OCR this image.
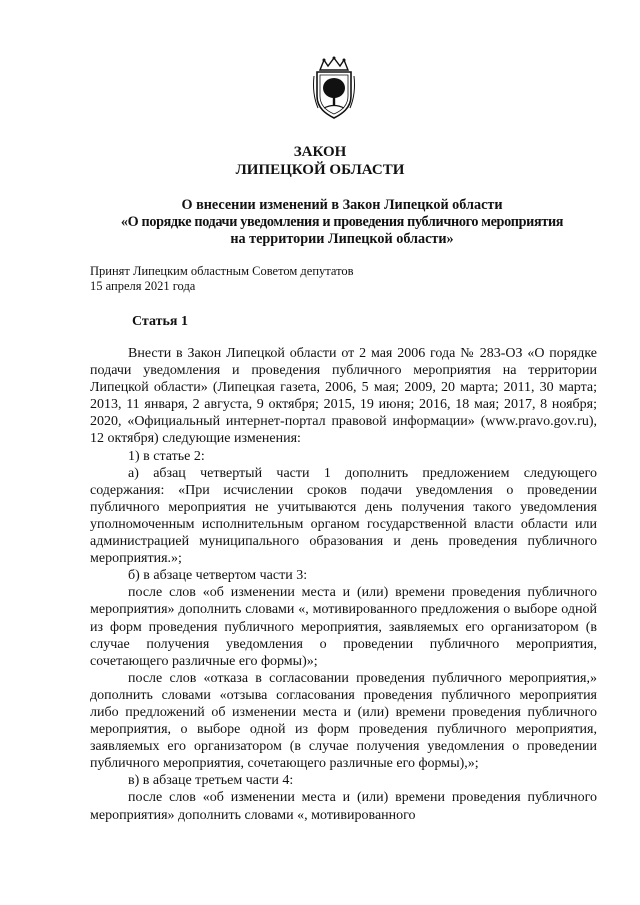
ЗАКОН
ЛИПЕЦКОЙ ОБЛАСТИ
О внесении изменений в Закон Липецкой области
«О порядке подачи уведомления и проведения публичного мероприятия
на территории Липецкой области»
Принят Липецким областным Советом депутатов
15 апреля 2021 года
Статья 1

Внести в Закон Липецкой области от 2 мая 2006 года № 283-ОЗ «О порядке подачи уведомления и проведения публичного мероприятия на территории Липецкой области» (Липецкая газета, 2006, 5 мая; 2009, 20 марта; 2011, 30 марта; 2013, 11 января, 2 августа, 9 октября; 2015, 19 июня; 2016, 18 мая; 2017, 8 ноября; 2020, «Официальный интернет-портал правовой информации» (www.pravo.gov.ru), 12 октября) следующие изменения:

1) в статье 2:

а) абзац четвертый части 1 дополнить предложением следующего содержания: «При исчислении сроков подачи уведомления о проведении публичного мероприятия не учитываются день получения такого уведомления уполномоченным исполнительным органом государственной власти области или администрацией муниципального образования и день проведения публичного мероприятия.»;

б) в абзаце четвертом части 3:

после слов «об изменении места и (или) времени проведения публичного мероприятия» дополнить словами «, мотивированного предложения о выборе одной из форм проведения публичного мероприятия, заявляемых его организатором (в случае получения уведомления о проведении публичного мероприятия, сочетающего различные его формы)»;

после слов «отказа в согласовании проведения публичного мероприятия,» дополнить словами «отзыва согласования проведения публичного мероприятия либо предложений об изменении места и (или) времени проведения публичного мероприятия, о выборе одной из форм проведения публичного мероприятия, заявляемых его организатором (в случае получения уведомления о проведении публичного мероприятия, сочетающего различные его формы),»;

в) в абзаце третьем части 4:

после слов «об изменении места и (или) времени проведения публичного мероприятия» дополнить словами «, мотивированного
